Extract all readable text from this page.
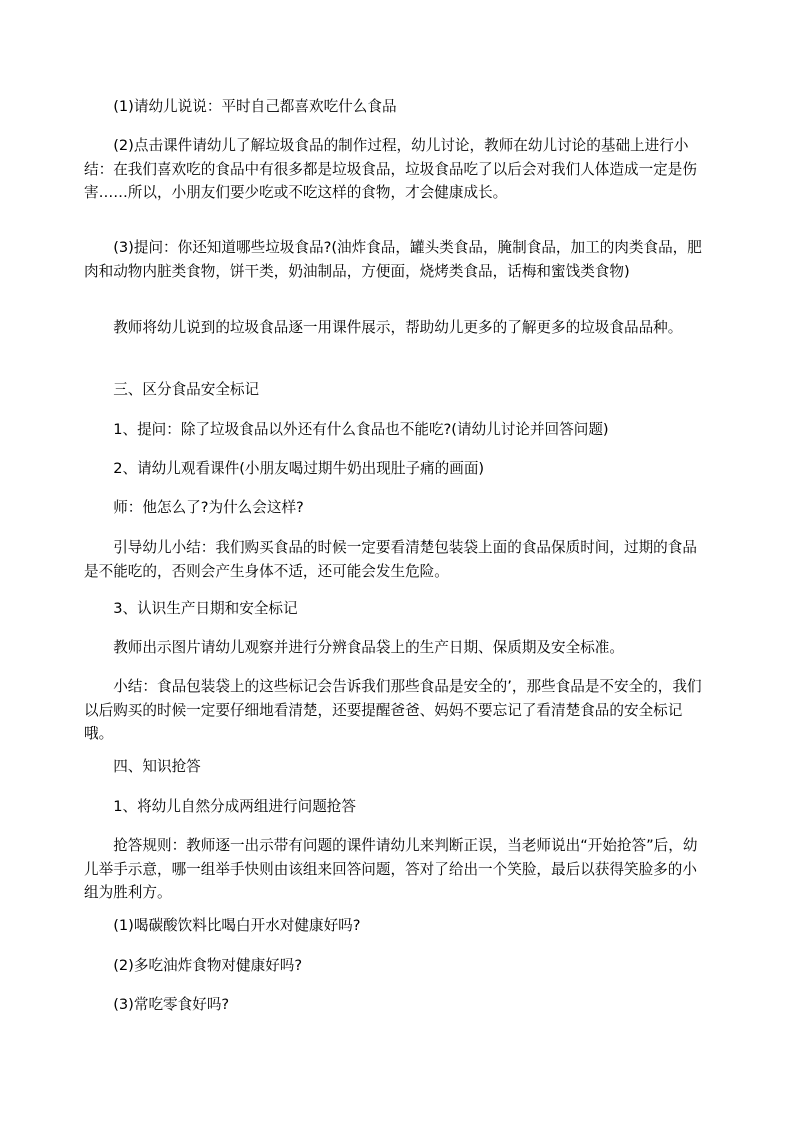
(1)请幼儿说说：平时自己都喜欢吃什么食品

(2)点击课件请幼儿了解垃圾食品的制作过程，幼儿讨论，教师在幼儿讨论的基础上进行小结：在我们喜欢吃的食品中有很多都是垃圾食品，垃圾食品吃了以后会对我们人体造成一定是伤害……所以，小朋友们要少吃或不吃这样的食物，才会健康成长。

(3)提问：你还知道哪些垃圾食品?(油炸食品，罐头类食品，腌制食品，加工的肉类食品，肥肉和动物内脏类食物，饼干类，奶油制品，方便面，烧烤类食品，话梅和蜜饯类食物)

教师将幼儿说到的垃圾食品逐一用课件展示，帮助幼儿更多的了解更多的垃圾食品品种。

三、区分食品安全标记

1、提问：除了垃圾食品以外还有什么食品也不能吃?(请幼儿讨论并回答问题)

2、请幼儿观看课件(小朋友喝过期牛奶出现肚子痛的画面)

师：他怎么了?为什么会这样?

引导幼儿小结：我们购买食品的时候一定要看清楚包装袋上面的食品保质时间，过期的食品是不能吃的，否则会产生身体不适，还可能会发生危险。

3、认识生产日期和安全标记

教师出示图片请幼儿观察并进行分辨食品袋上的生产日期、保质期及安全标准。

小结：食品包装袋上的这些标记会告诉我们那些食品是安全的’，那些食品是不安全的，我们以后购买的时候一定要仔细地看清楚，还要提醒爸爸、妈妈不要忘记了看清楚食品的安全标记哦。

四、知识抢答

1、将幼儿自然分成两组进行问题抢答

抢答规则：教师逐一出示带有问题的课件请幼儿来判断正误，当老师说出“开始抢答”后，幼儿举手示意，哪一组举手快则由该组来回答问题，答对了给出一个笑脸，最后以获得笑脸多的小组为胜利方。

(1)喝碳酸饮料比喝白开水对健康好吗?

(2)多吃油炸食物对健康好吗?

(3)常吃零食好吗?
